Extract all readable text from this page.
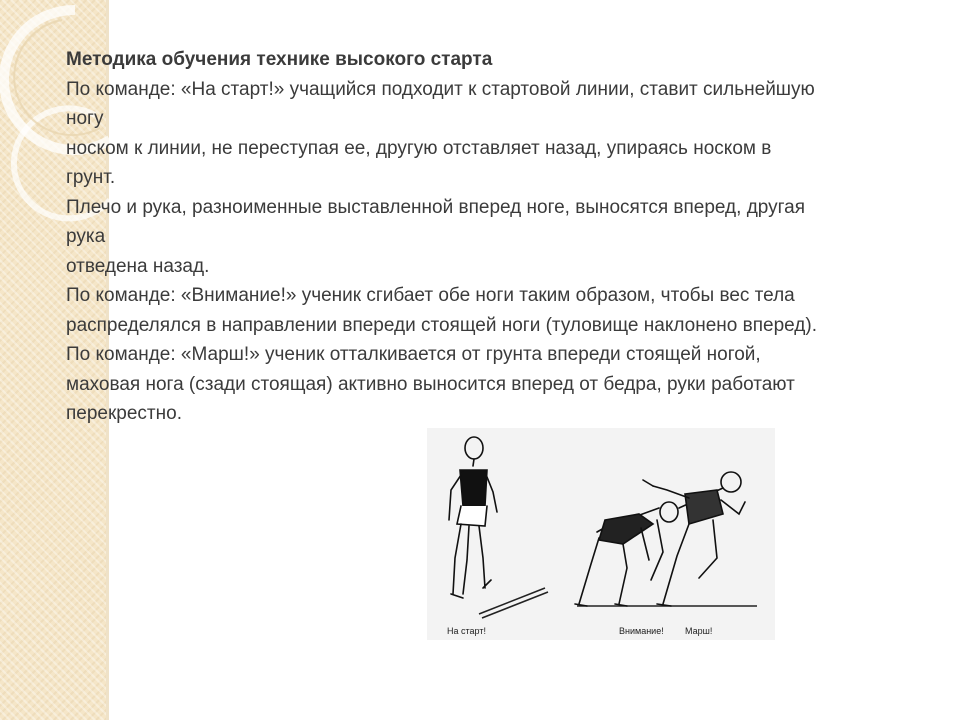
Методика обучения технике высокого старта
По команде: «На старт!» учащийся подходит к стартовой линии, ставит сильнейшую
ногу
носком к линии, не переступая ее, другую отставляет назад, упираясь носком в
грунт.
Плечо и рука, разноименные выставленной вперед ноге, выносятся вперед, другая
рука
отведена назад.
По команде: «Внимание!» ученик сгибает обе ноги таким образом, чтобы вес тела
распределялся в направлении впереди стоящей ноги (туловище наклонено вперед).
По команде: «Марш!» ученик отталкивается от грунта впереди стоящей ногой,
маховая нога (сзади стоящая) активно выносится вперед от бедра, руки работают
перекрестно.
На старт!	Внимание! Марш!
